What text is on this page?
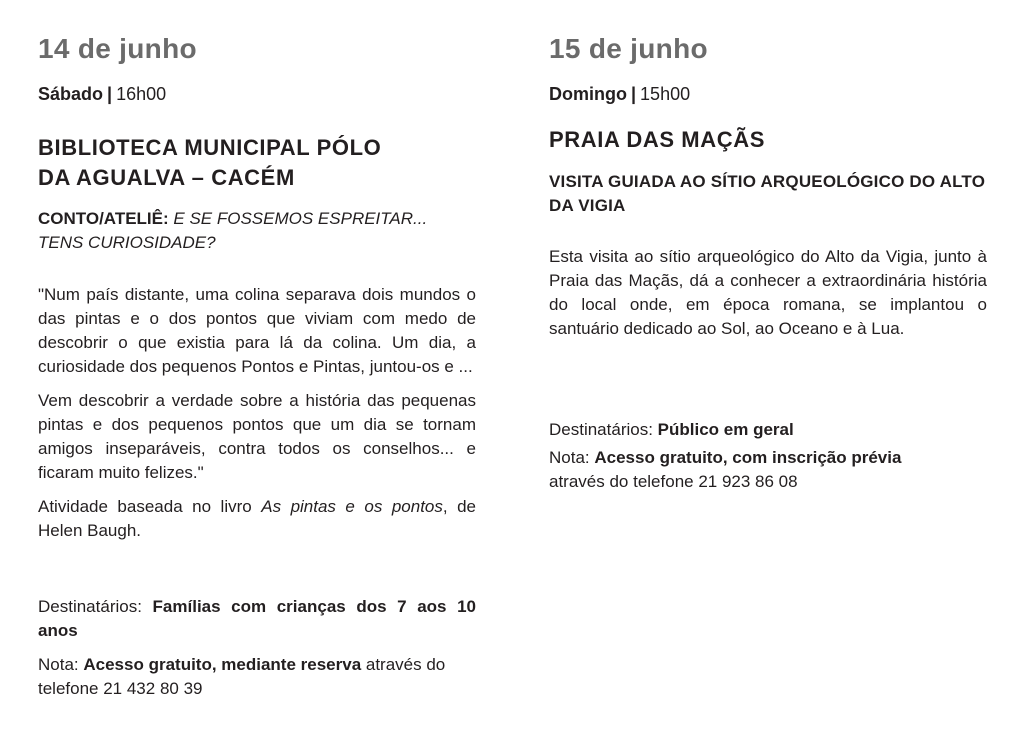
14 de junho
Sábado | 16h00
BIBLIOTECA MUNICIPAL PÓLO
DA AGUALVA – CACÉM
CONTO/ATELIÊ: E SE FOSSEMOS ESPREITAR... TENS CURIOSIDADE?

"Num país distante, uma colina separava dois mundos o das pintas e o dos pontos que viviam com medo de descobrir o que existia para lá da colina. Um dia, a curiosidade dos pequenos Pontos e Pintas, juntou-os e ...

Vem descobrir a verdade sobre a história das pequenas pintas e dos pequenos pontos que um dia se tornam amigos inseparáveis, contra todos os conselhos... e ficaram muito felizes."

Atividade baseada no livro As pintas e os pontos, de Helen Baugh.

Destinatários: Famílias com crianças dos 7 aos 10 anos

Nota: Acesso gratuito, mediante reserva através do telefone 21 432 80 39

15 de junho
Domingo | 15h00
PRAIA DAS MAÇÃS
VISITA GUIADA AO SÍTIO ARQUEOLÓGICO DO ALTO DA VIGIA

Esta visita ao sítio arqueológico do Alto da Vigia, junto à Praia das Maçãs, dá a conhecer a extraordinária história do local onde, em época romana, se implantou o santuário dedicado ao Sol, ao Oceano e à Lua.

Destinatários: Público em geral

Nota: Acesso gratuito, com inscrição prévia

através do telefone 21 923 86 08
